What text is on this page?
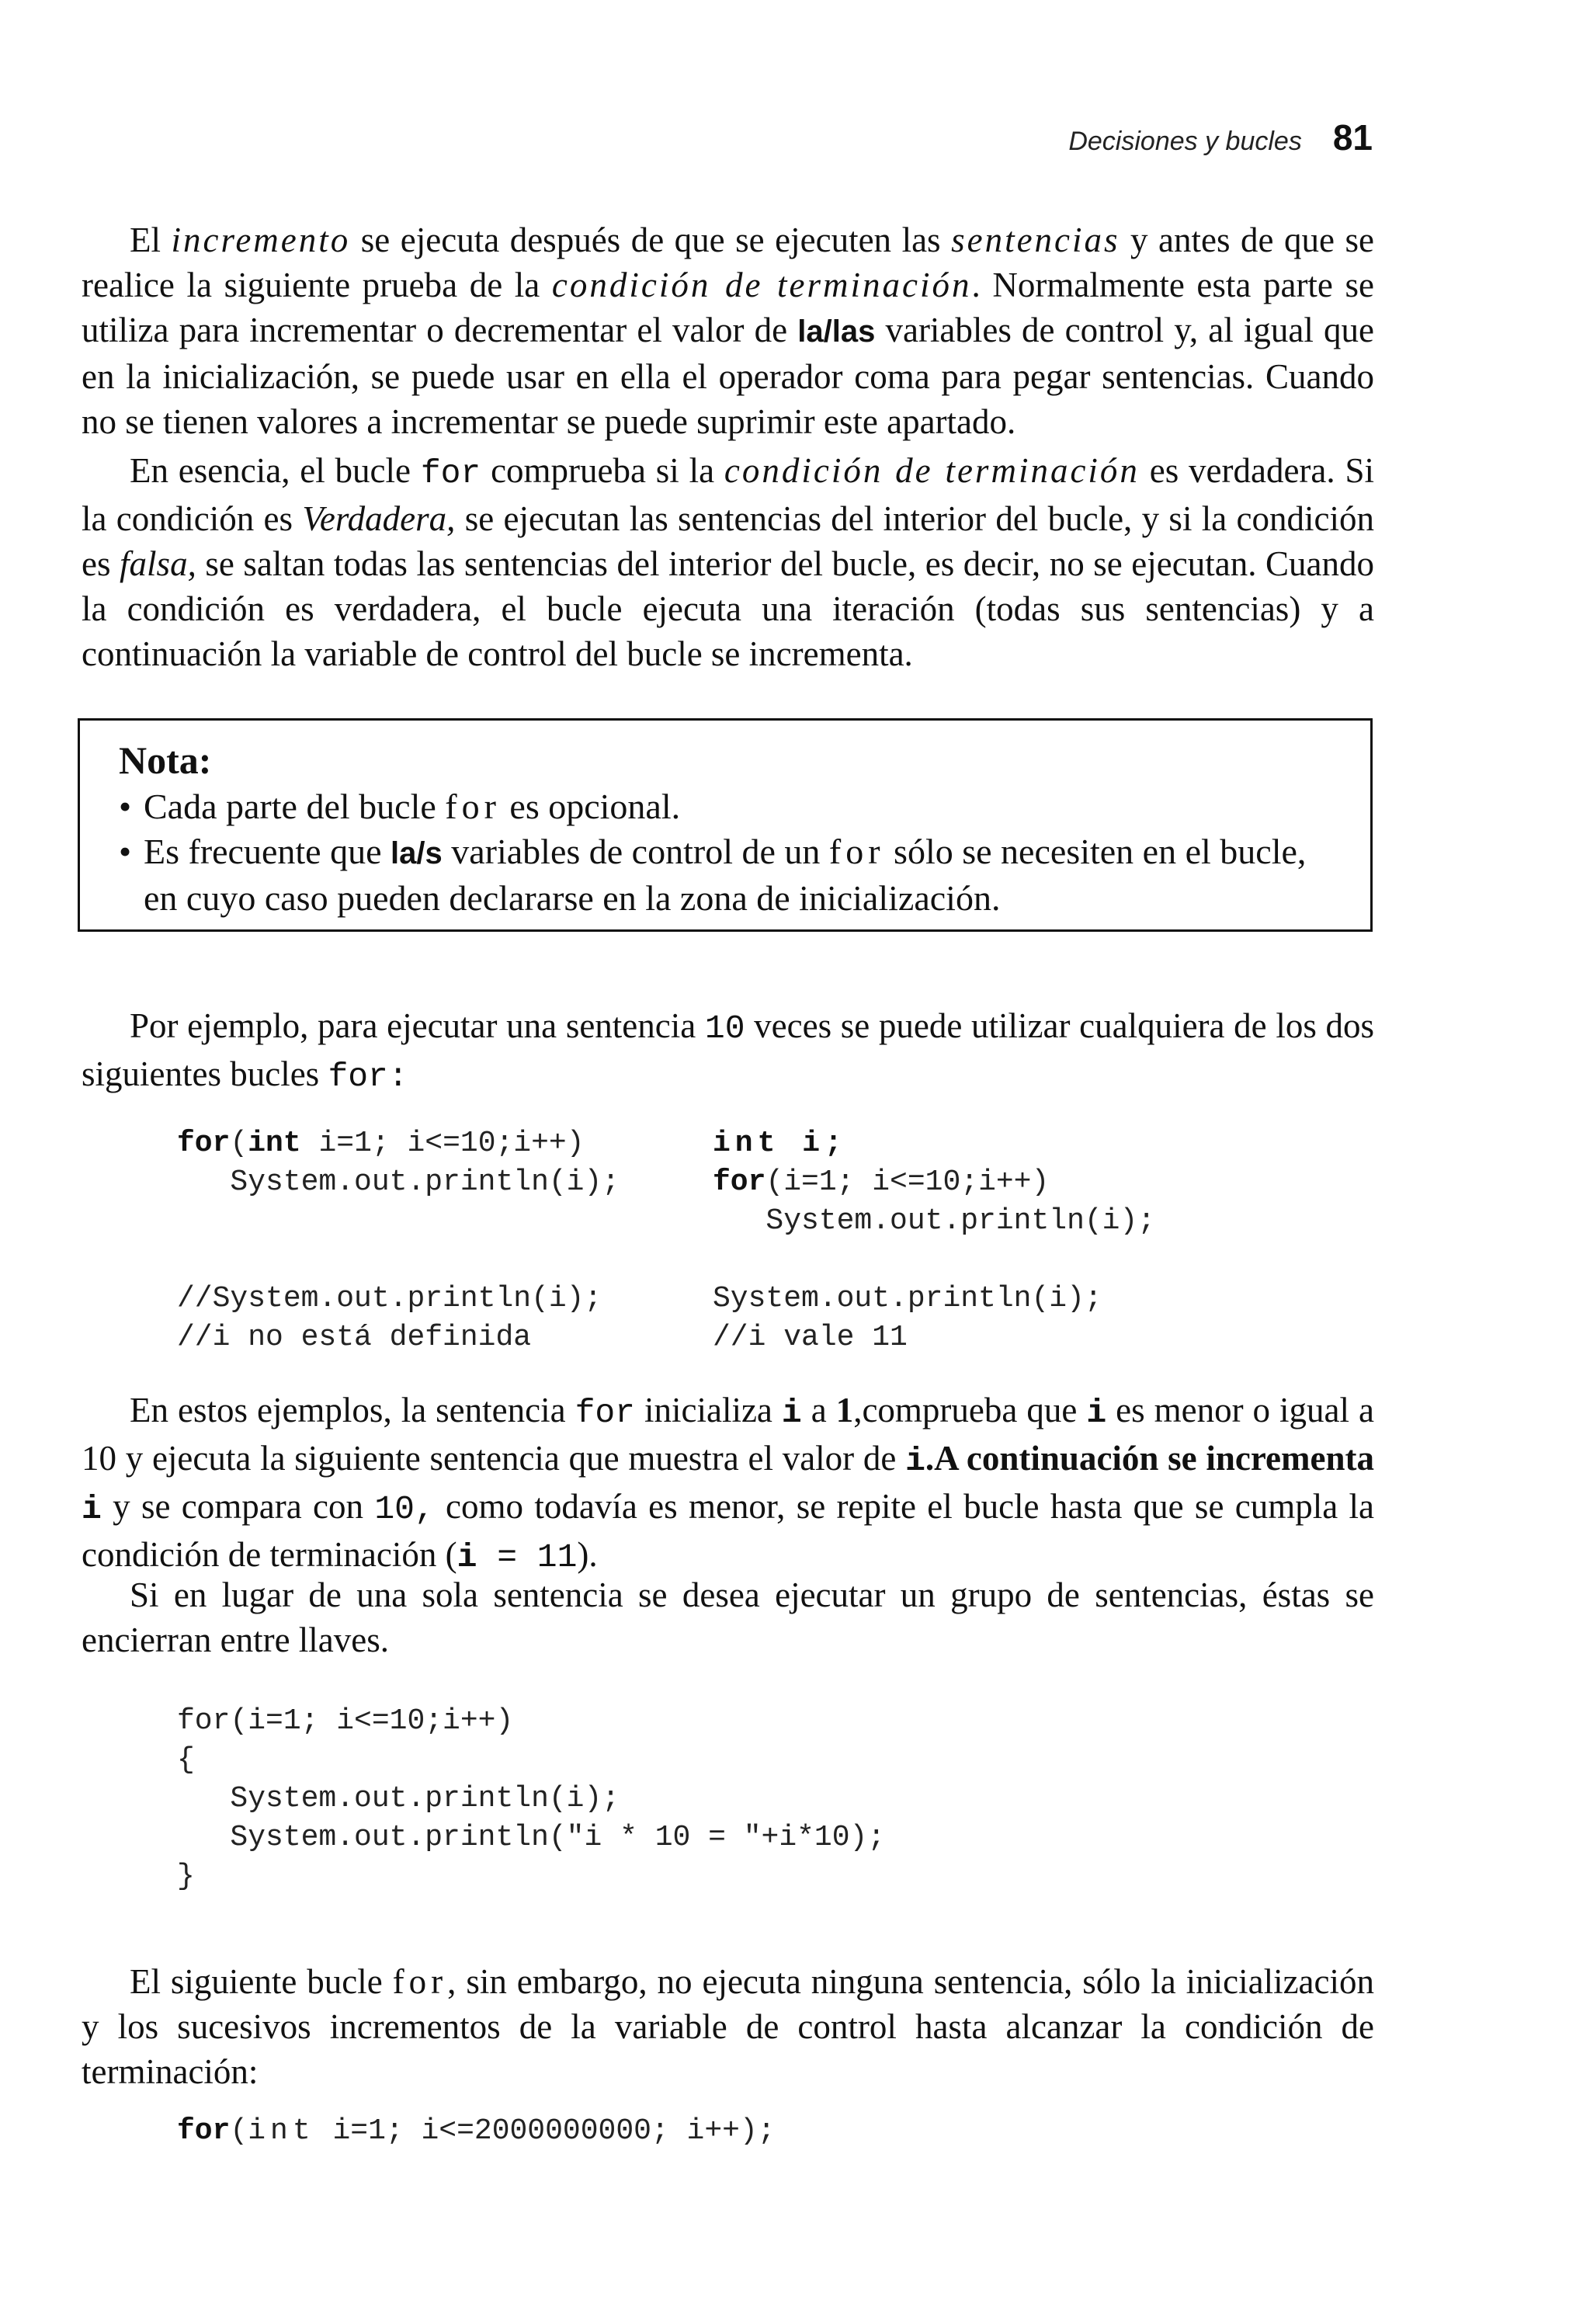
Decisiones y bucles 81

El incremento se ejecuta después de que se ejecuten las sentencias y antes de que se realice la siguiente prueba de la condición de terminación. Normalmente esta parte se utiliza para incrementar o decrementar el valor de la/las variables de control y, al igual que en la inicialización, se puede usar en ella el operador coma para pegar sentencias. Cuando no se tienen valores a incrementar se puede suprimir este apartado.

En esencia, el bucle for comprueba si la condición de terminación es verdadera. Si la condición es Verdadera, se ejecutan las sentencias del interior del bucle, y si la condición es falsa, se saltan todas las sentencias del interior del bucle, es decir, no se ejecutan. Cuando la condición es verdadera, el bucle ejecuta una iteración (todas sus sentencias) y a continuación la variable de control del bucle se incrementa.

Nota:
• Cada parte del bucle for es opcional.
• Es frecuente que la/s variables de control de un for sólo se necesiten en el bucle, en cuyo caso pueden declararse en la zona de inicialización.

Por ejemplo, para ejecutar una sentencia 10 veces se puede utilizar cualquiera de los dos siguientes bucles for:

for(int i=1; i<=10;i++)
System.out.println(i);

//System.out.println(i);
//i no está definida
int i;
for(i=1; i<=10;i++)
System.out.println(i);

System.out.println(i);
//i vale 11

En estos ejemplos, la sentencia for inicializa i a 1,comprueba que i es menor o igual a 10 y ejecuta la siguiente sentencia que muestra el valor de i.A continuación se incrementa i y se compara con 10, como todavía es menor, se repite el bucle hasta que se cumpla la condición de terminación (i = 11).

Si en lugar de una sola sentencia se desea ejecutar un grupo de sentencias, éstas se encierran entre llaves.

for(i=1; i<=10;i++)
{
System.out.println(i);
System.out.println("i * 10 = "+i*10);
}

El siguiente bucle for, sin embargo, no ejecuta ninguna sentencia, sólo la inicialización y los sucesivos incrementos de la variable de control hasta alcanzar la condición de terminación:

for(int i=1; i<=2000000000; i++);
